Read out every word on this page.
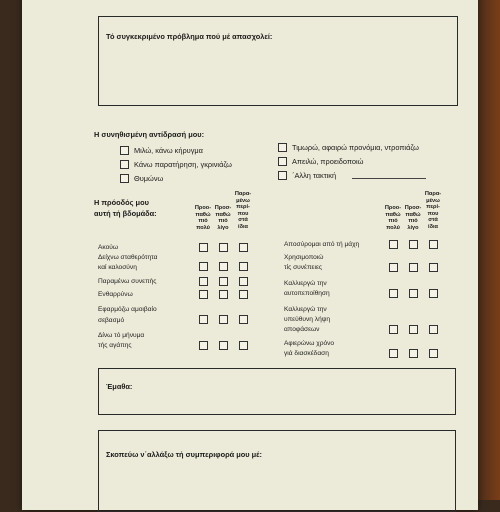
Τό συγκεκριμένο πρόβλημα πού μέ απασχολεί:
Η συνηθισμένη αντίδρασή μου:
Μιλώ, κάνω κήρυγμα
Κάνω παρατήρηση, γκρινιάζω
Θυμώνω
Τιμωρώ, αφαιρώ προνόμια, ντροπιάζω
Απειλώ, προειδοποιώ
΄Αλλη τακτική
Η πρόοδός μου
αυτή τή βδομάδα:
Προο-
παθώ
πιό
πολύ
Προσ-
παθώ
πιό
λίγο
Παρα-
μένω
περί-
που
στά
ίδια
Προο-
παθώ
πιό
πολύ
Προσ-
παθώ
πιό
λίγο
Παρα-
μένω
περί-
που
στά
ίδια
Ακούω
Δείχνω σταθερότητα
καί καλοσύνη
Παραμένω συνεπής
Ενθαρρύνω
Εφαρμόζω αμοιβαίο
σεβασμό
Δίνω τό μήνυμα
τής αγάπης
Αποσύρομαι από τή μάχη
Χρησιμοποιώ
τίς συνέπειες
Καλλιεργώ την
αυτοπεποίθηση
Καλλιεργώ την
υπεύθυνη λήψη
αποφάσεων
Αφιερώνω χρόνο
γιά διασκέδαση
Έμαθα:
Σκοπεύω ν΄αλλάξω τή συμπεριφορά μου μέ:
